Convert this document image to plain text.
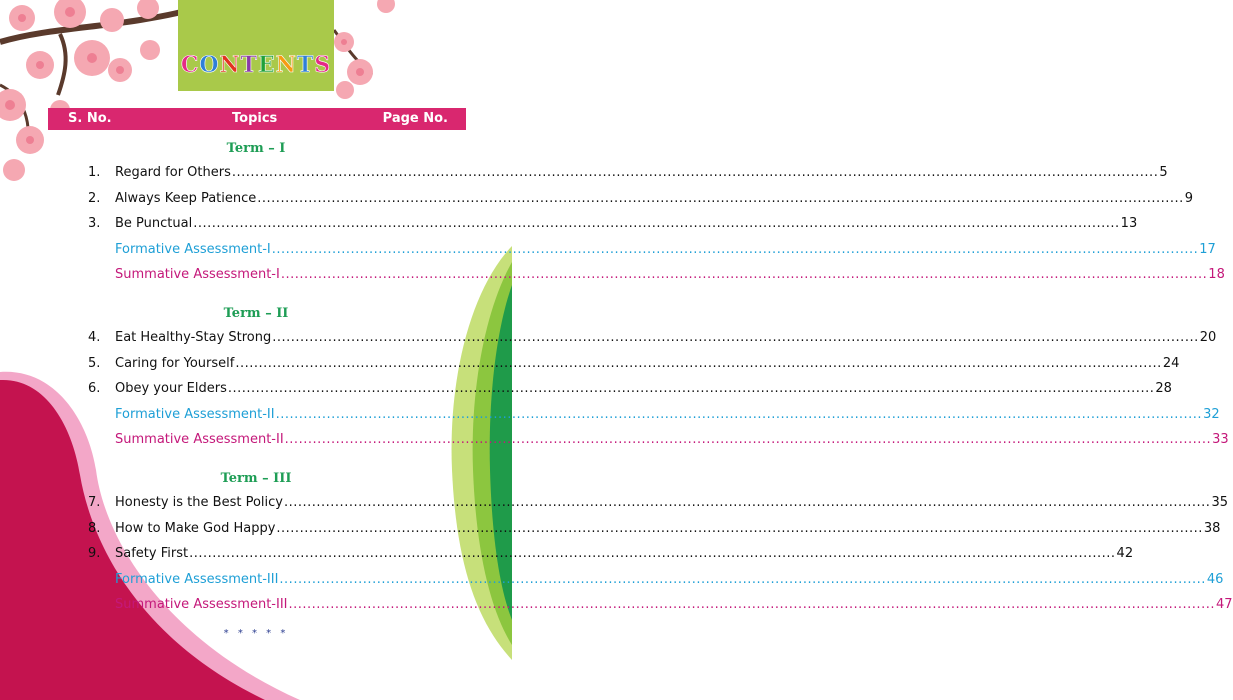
CONTENTS
S. No.	Topics	Page No.
Term – I
1. Regard for Others ........................................................................................................................................................................................................ 5
2. Always Keep Patience ........................................................................................................................................................................................................ 9
3. Be Punctual ........................................................................................................................................................................................................ 13
Formative Assessment-I ........................................................................................................................................................................................................ 17
Summative Assessment-I ........................................................................................................................................................................................................ 18
Term – II
4. Eat Healthy-Stay Strong ........................................................................................................................................................................................................ 20
5. Caring for Yourself ........................................................................................................................................................................................................ 24
6. Obey your Elders ........................................................................................................................................................................................................ 28
Formative Assessment-II ........................................................................................................................................................................................................ 32
Summative Assessment-II ........................................................................................................................................................................................................ 33
Term – III
7. Honesty is the Best Policy ........................................................................................................................................................................................................ 35
8. How to Make God Happy ........................................................................................................................................................................................................ 38
9. Safety First ........................................................................................................................................................................................................ 42
Formative Assessment-III ........................................................................................................................................................................................................ 46
Summative Assessment-III ........................................................................................................................................................................................................ 47
* * * * *
